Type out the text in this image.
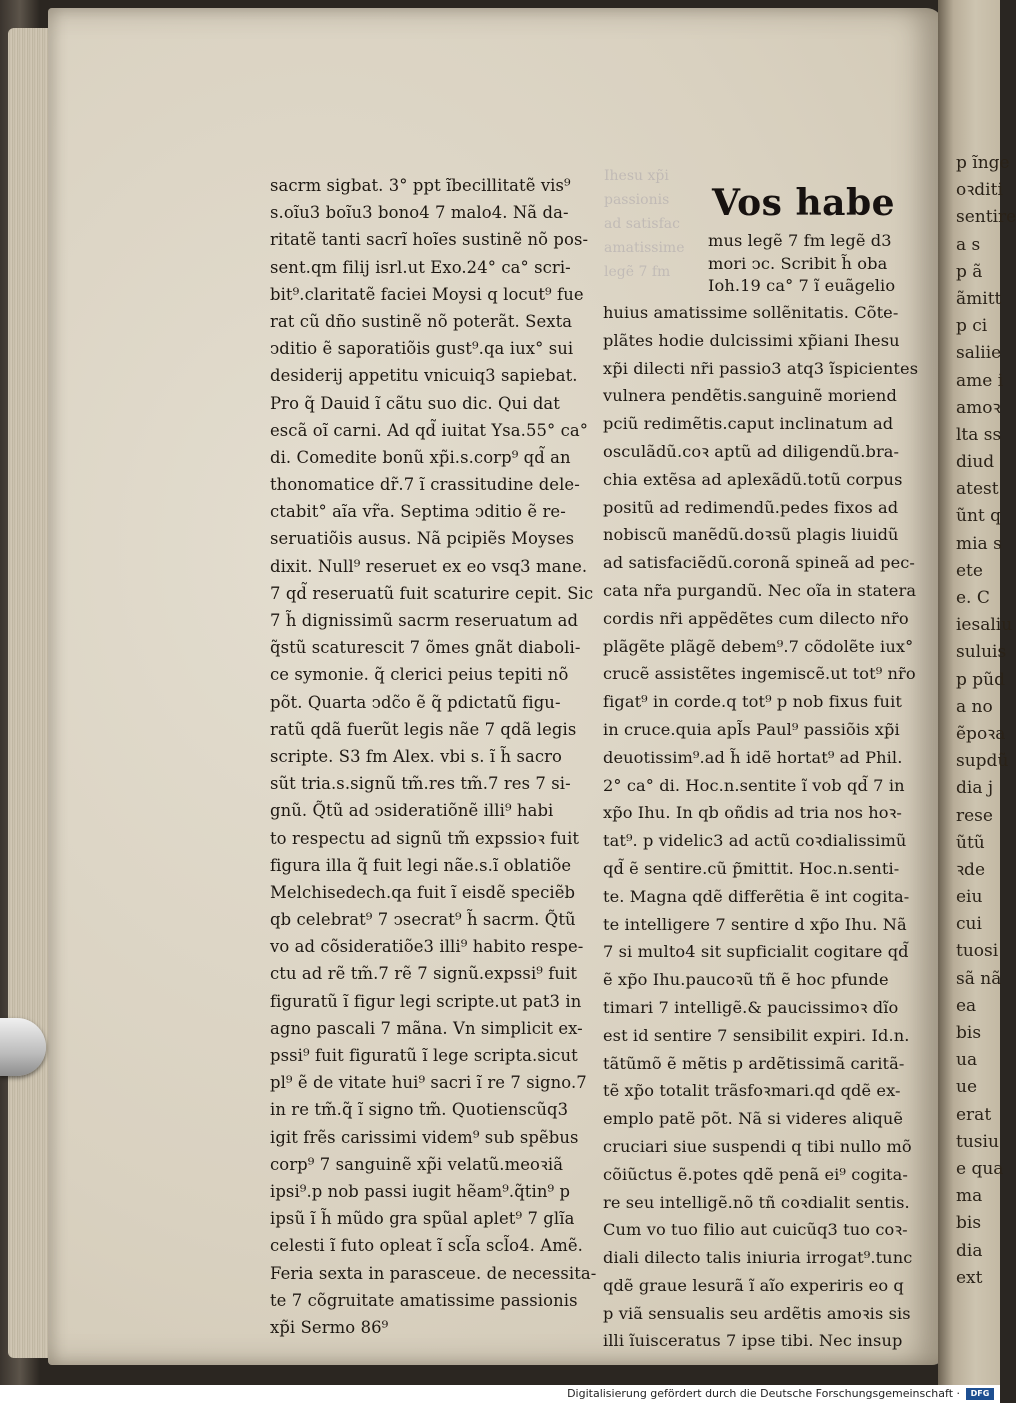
p ĩnge
oꝛditi
sentire
a s
p ã
ãmitt
p ci
saliie
ame i
amoꝛ
lta ss
diud
atest
ũnt q
mia s
ete
e. C
iesaliu
suluis
p pũd
a no
ẽpoꝛa
supdũ
dia j
rese
ũtũ
ꝛde
eiu
cui
tuosi
sã nã
ea
bis
ua
ue
erat
tusiu
e qua
ma
bis
dia
ext
Ihesu xp̃i
passionis
ad satisfac
amatissime
legẽ 7 fm
sacrm sigbat. 3° ppt ĩbecillitatẽ vis⁹
s.oĩu3 boĩu3 bono4 7 malo4. Nã da-
ritatẽ tanti sacrĩ hoĩes sustinẽ nõ pos-
sent.qm filij isrl.ut Exo.24° ca° scri-
bit⁹.claritatẽ faciei Moysi q locut⁹ fue
rat cũ dño sustinẽ nõ poterãt. Sexta
ↄditio ẽ saporatiõis gust⁹.qa iux° sui
desiderij appetitu vnicuiq3 sapiebat.
Pro q̃ Dauid ĩ cãtu suo dic. Qui dat
escã oĩ carni. Ad qd̃ iuitat Ysa.55° ca°
di. Comedite bonũ xp̃i.s.corp⁹ qd̃ an
thonomatice dr̃.7 ĩ crassitudine dele-
ctabit° aĩa vr̃a. Septima ↄditio ẽ re-
seruatiõis ausus. Nã pcipiẽs Moyses
dixit. Null⁹ reseruet ex eo vsq3 mane.
7 qd̃ reseruatũ fuit scaturire cepit. Sic
7 h̃ dignissimũ sacrm reseruatum ad
q̃stũ scaturescit 7 õmes gnãt diaboli-
ce symonie. q̃ clerici peius tepiti nõ
põt. Quarta ↄdc̃o ẽ q̃ pdictatũ figu-
ratũ qdã fuerũt legis nãe 7 qdã legis
scripte. S3 fm Alex. vbi s. ĩ h̃ sacro
sũt tria.s.signũ tm̃.res tm̃.7 res 7 si-
gnũ. Q̃tũ ad ↄsideratiõnẽ illi⁹ habi
to respectu ad signũ tm̃ expssioꝛ fuit
figura illa q̃ fuit legi nãe.s.ĩ oblatiõe
Melchisedech.qa fuit ĩ eisdẽ speciẽb
qb celebrat⁹ 7 ↄsecrat⁹ h̃ sacrm. Q̃tũ
vo ad cõsideratiõe3 illi⁹ habito respe-
ctu ad rẽ tm̃.7 rẽ 7 signũ.expssi⁹ fuit
figuratũ ĩ figur legi scripte.ut pat3 in
agno pascali 7 mãna. Vn simplicit ex-
pssi⁹ fuit figuratũ ĩ lege scripta.sicut
pl⁹ ẽ de vitate hui⁹ sacri ĩ re 7 signo.7
in re tm̃.q̃ ĩ signo tm̃. Quotienscũq3
igit frẽs carissimi videm⁹ sub spẽbus
corp⁹ 7 sanguinẽ xp̃i velatũ.meoꝛiã
ipsi⁹.p nob passi iugit hẽam⁹.q̃tin⁹ p
ipsũ ĩ h̃ mũdo gra spũal aplet⁹ 7 glĩa
celesti ĩ futo opleat ĩ scl̃a scl̃o4. Amẽ.
Feria sexta in parasceue. de necessita-
te 7 cõgruitate amatissime passionis
xp̃i Sermo 86⁹
Vos habe
mus legẽ 7 fm legẽ d3
mori ↄc. Scribit h̃ oba
Ioh.19 ca° 7 ĩ euãgelio
huius amatissime sollẽnitatis. Cõte-
plãtes hodie dulcissimi xp̃iani Ihesu
xp̃i dilecti nr̃i passio3 atq3 ĩspicientes
vulnera pendẽtis.sanguinẽ moriend
pciũ redimẽtis.caput inclinatum ad
osculãdũ.coꝛ aptũ ad diligendũ.bra-
chia extẽsa ad aplexãdũ.totũ corpus
positũ ad redimendũ.pedes fixos ad
nobiscũ manẽdũ.doꝛsũ plagis liuidũ
ad satisfaciẽdũ.coronã spineã ad pec-
cata nr̃a purgandũ. Nec oĩa in statera
cordis nr̃i appẽdẽtes cum dilecto nr̃o
plãgẽte plãgẽ debem⁹.7 cõdolẽte iux°
crucẽ assistẽtes ingemiscẽ.ut tot⁹ nr̃o
figat⁹ in corde.q tot⁹ p nob fixus fuit
in cruce.quia apl̃s Paul⁹ passiõis xp̃i
deuotissim⁹.ad h̃ idẽ hortat⁹ ad Phil.
2° ca° di. Hoc.n.sentite ĩ vob qd̃ 7 in
xp̃o Ihu. In qb oñdis ad tria nos hoꝛ-
tat⁹. p videlic3 ad actũ coꝛdialissimũ
qd̃ ẽ sentire.cũ p̃mittit. Hoc.n.senti-
te. Magna qdẽ differẽtia ẽ int cogita-
te intelligere 7 sentire d xp̃o Ihu. Nã
7 si multo4 sit supficialit cogitare qd̃
ẽ xp̃o Ihu.paucoꝛũ tñ ẽ hoc pfunde
timari 7 intelligẽ.& paucissimoꝛ dĩo
est id sentire 7 sensibilit expiri. Id.n.
tãtũmõ ẽ mẽtis p ardẽtissimã caritã-
tẽ xp̃o totalit trãsfoꝛmari.qd qdẽ ex-
emplo patẽ põt. Nã si videres aliquẽ
cruciari siue suspendi q tibi nullo mõ
cõiũctus ẽ.potes qdẽ penã ei⁹ cogita-
re seu intelligẽ.nõ tñ coꝛdialit sentis.
Cum vo tuo filio aut cuicũq3 tuo coꝛ-
diali dilecto talis iniuria irrogat⁹.tunc
qdẽ graue lesurã ĩ aĩo experiris eo q
p viã sensualis seu ardẽtis amoꝛis sis
illi ĩuisceratus 7 ipse tibi. Nec insup
Digitalisierung gefördert durch die Deutsche Forschungsgemeinschaft ·	DFG
